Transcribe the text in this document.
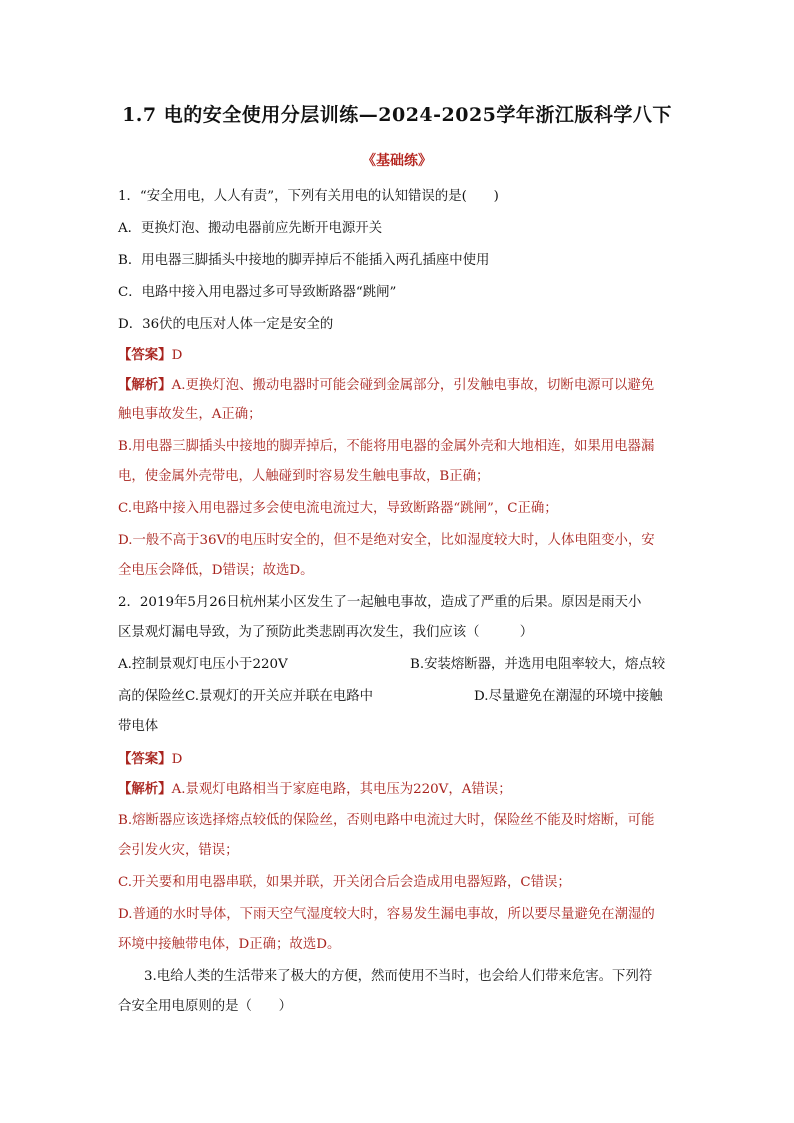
1.7 电的安全使用分层训练—2024-2025学年浙江版科学八下
《基础练》
1．“安全用电，人人有责”，下列有关用电的认知错误的是(　　)
A．更换灯泡、搬动电器前应先断开电源开关
B．用电器三脚插头中接地的脚弄掉后不能插入两孔插座中使用
C．电路中接入用电器过多可导致断路器“跳闸”
D．36伏的电压对人体一定是安全的
【答案】D
【解析】A.更换灯泡、搬动电器时可能会碰到金属部分，引发触电事故，切断电源可以避免
触电事故发生，A正确；
B.用电器三脚插头中接地的脚弄掉后，不能将用电器的金属外壳和大地相连，如果用电器漏
电，使金属外壳带电，人触碰到时容易发生触电事故，B正确；
C.电路中接入用电器过多会使电流电流过大，导致断路器“跳闸”，C正确；
D.一般不高于36V的电压时安全的，但不是绝对安全，比如湿度较大时，人体电阻变小，安
全电压会降低，D错误；故选D。
2．2019年5月26日杭州某小区发生了一起触电事故，造成了严重的后果。原因是雨天小
区景观灯漏电导致，为了预防此类悲剧再次发生，我们应该（　　　）
A.控制景观灯电压小于220V	B.安装熔断器，并选用电阻率较大，熔点较
高的保险丝C.景观灯的开关应并联在电路中	D.尽量避免在潮湿的环境中接触
带电体
【答案】D
【解析】A.景观灯电路相当于家庭电路，其电压为220V，A错误；
B.熔断器应该选择熔点较低的保险丝，否则电路中电流过大时，保险丝不能及时熔断，可能
会引发火灾，错误；
C.开关要和用电器串联，如果并联，开关闭合后会造成用电器短路，C错误；
D.普通的水时导体，下雨天空气湿度较大时，容易发生漏电事故，所以要尽量避免在潮湿的
环境中接触带电体，D正确；故选D。
3.电给人类的生活带来了极大的方便，然而使用不当时，也会给人们带来危害。下列符
合安全用电原则的是（　　）
